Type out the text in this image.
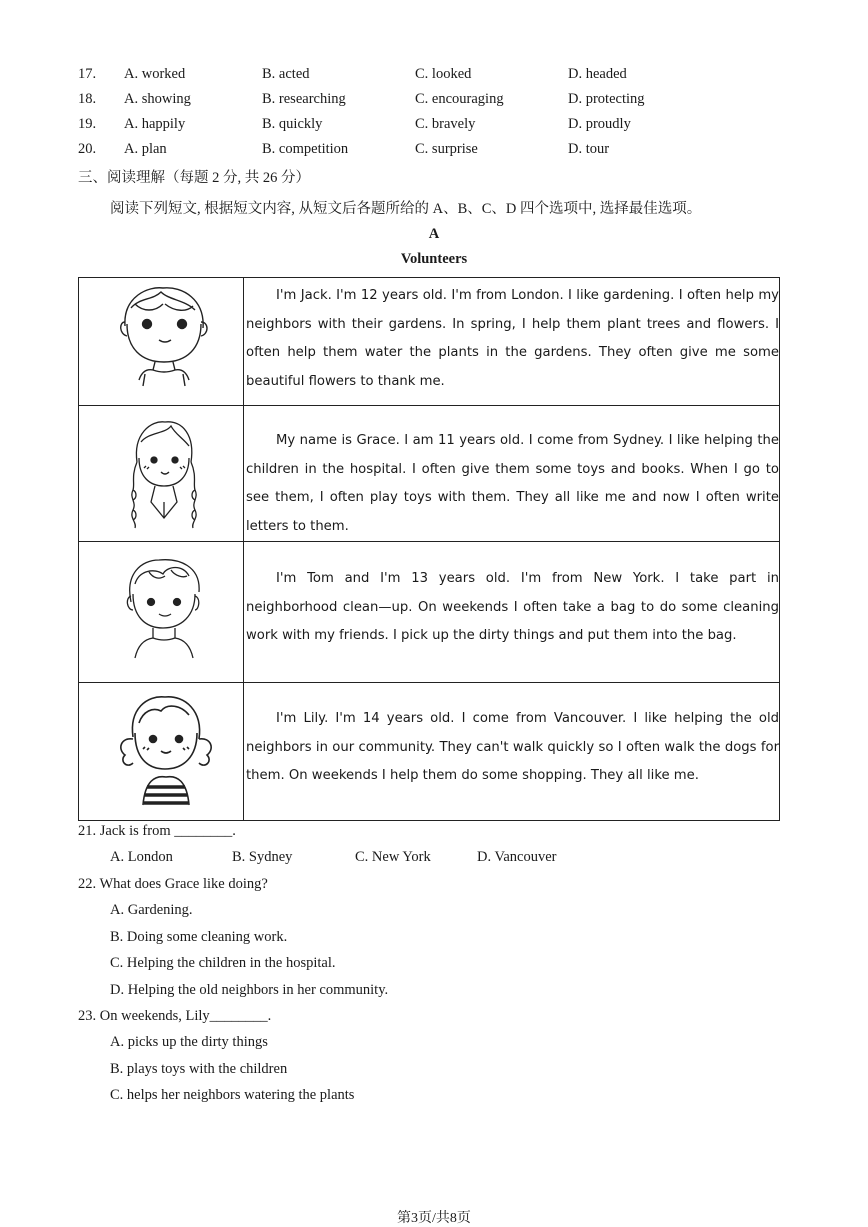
17. A. worked	B. acted	C. looked	D. headed
18. A. showing	B. researching	C. encouraging	D. protecting
19. A. happily	B. quickly	C. bravely	D. proudly
20. A. plan	B. competition	C. surprise	D. tour
三、阅读理解（每题 2 分, 共 26 分）
阅读下列短文, 根据短文内容, 从短文后各题所给的 A、B、C、D 四个选项中, 选择最佳选项。
A
Volunteers
I'm Jack. I'm 12 years old. I'm from London. I like gardening. I often help my neighbors with their gardens. In spring, I help them plant trees and flowers. I often help them water the plants in the gardens. They often give me some beautiful flowers to thank me.
My name is Grace. I am 11 years old. I come from Sydney. I like helping the children in the hospital. I often give them some toys and books. When I go to see them, I often play toys with them. They all like me and now I often write letters to them.
I'm Tom and I'm 13 years old. I'm from New York. I take part in neighborhood clean—up. On weekends I often take a bag to do some cleaning work with my friends. I pick up the dirty things and put them into the bag.
I'm Lily. I'm 14 years old. I come from Vancouver. I like helping the old neighbors in our community. They can't walk quickly so I often walk the dogs for them. On weekends I help them do some shopping. They all like me.
21. Jack is from ________.
A. London	B. Sydney	C. New York	D. Vancouver
22. What does Grace like doing?
A. Gardening.
B. Doing some cleaning work.
C. Helping the children in the hospital.
D. Helping the old neighbors in her community.
23. On weekends, Lily________.
A. picks up the dirty things
B. plays toys with the children
C. helps her neighbors watering the plants
第3页/共8页
